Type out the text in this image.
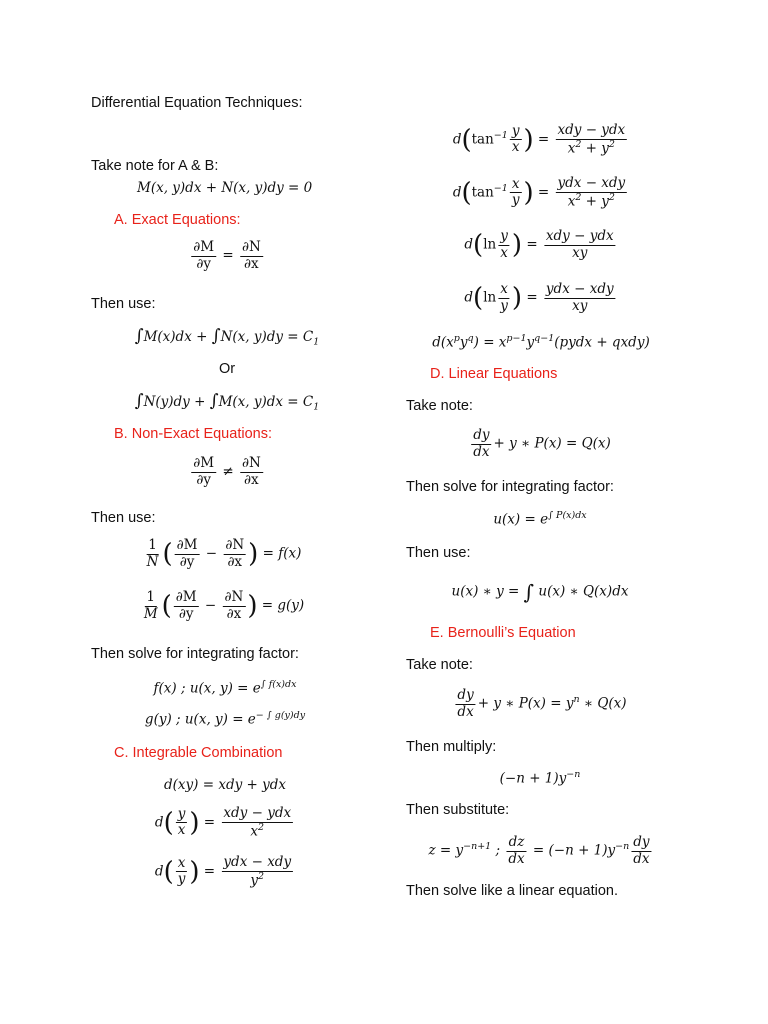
Differential Equation Techniques:
Take note for A & B:
M(x, y)dx + N(x, y)dy = 0
A. Exact Equations:
$\frac{\partial M}{\partial y} = \frac{\partial N}{\partial x}$
Then use:
∫M(x)dx + ∫N(x, $y)dy = C_1$
Or
∫N(y)dy + ∫M(x, $y)dx = C_1$
B. Non-Exact Equations:
$\frac{\partial M}{\partial y} \ne \frac{\partial N}{\partial x}$
Then use:
$\frac{1}{N}$ ( $\frac{\partial M}{\partial y} - \frac{\partial N}{\partial x}$ ) = f(x)
$\frac{1}{M}$ ( $\frac{\partial M}{\partial y} - \frac{\partial N}{\partial x}$ ) = g(y)
Then solve for integrating factor:
f(x) ; u(x, $y) = e^{\int f(x)dx}$
g(y) ; u(x, $y) = e^{- \int g(y)dy}$
C. Integrable Combination
d(xy) = xdy + ydx
$d( \frac{y}{x}$ ) = $\frac{\text{xdy − ydx}}{x^2}$
$d( \frac{x}{y}$ ) = $\frac{\text{ydx − xdy}}{y^2}$
$d(\tan^{-1} \frac{y}{x}$ ) = $\frac{\text{xdy − ydx}}{x^2 + y^2}$
$d(\tan^{-1} \frac{x}{y}$ ) = $\frac{\text{ydx − xdy}}{x^2 + y^2}$
$d(\ln \frac{y}{x}$ ) = $\frac{\text{xdy − ydx}}{xy}$
$d(\ln \frac{x}{y}$ ) = $\frac{\text{ydx − xdy}}{xy}$
$d(x^py^q)$ = $x^{p-1}y^{q-1}(pydx$ + qxdy)
D. Linear Equations
Take note:
$\frac{dy}{dx} + y$ ∗ P(x) = Q(x)
Then solve for integrating factor:
$u(x) = e^{\int P(x)dx}$
Then use:
u(x) ∗ y = ∫ u(x) ∗ Q(x)dx
E. Bernoulli’s Equation
Take note:
$\frac{dy}{dx} + y$ ∗ $P(x) = y^n$ ∗ Q(x)
Then multiply:
$(-n + 1)y^{-n}$
Then substitute:
$z = y^{-n+1}$ ; $\frac{dz}{dx} = (-n + 1)y^{-n} \frac{dy}{dx}$
Then solve like a linear equation.
